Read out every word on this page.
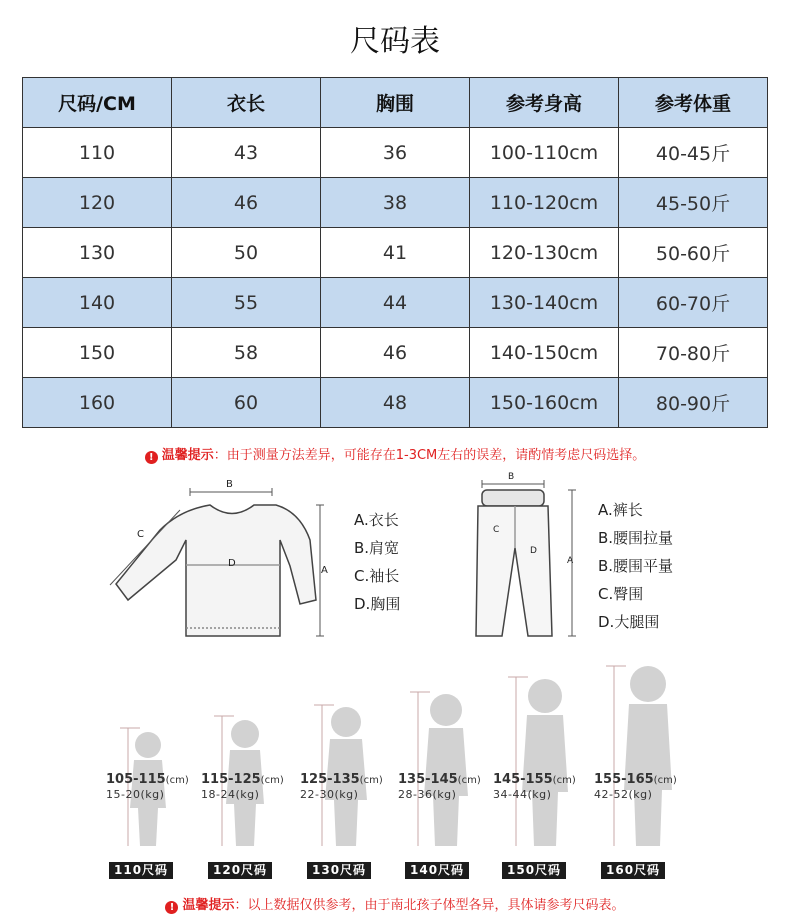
尺码表
尺码/CM	衣长	胸围	参考身高	参考体重
110	43	36	100-110cm	40-45斤
120	46	38	110-120cm	45-50斤
130	50	41	120-130cm	50-60斤
140	55	44	130-140cm	60-70斤
150	58	46	140-150cm	70-80斤
160	60	48	150-160cm	80-90斤
! 温馨提示：由于测量方法差异，可能存在1-3CM左右的误差，请酌情考虑尺码选择。
B
C
D
A
B
C
D
A
A.衣长
B.肩宽
C.袖长
D.胸围
A.裤长
B.腰围拉量
B.腰围平量
C.臀围
D.大腿围
105-115(cm)
15-20(kg)
115-125(cm)
18-24(kg)
125-135(cm)
22-30(kg)
135-145(cm)
28-36(kg)
145-155(cm)
34-44(kg)
155-165(cm)
42-52(kg)
110尺码	120尺码	130尺码	140尺码	150尺码	160尺码
! 温馨提示：以上数据仅供参考，由于南北孩子体型各异，具体请参考尺码表。
